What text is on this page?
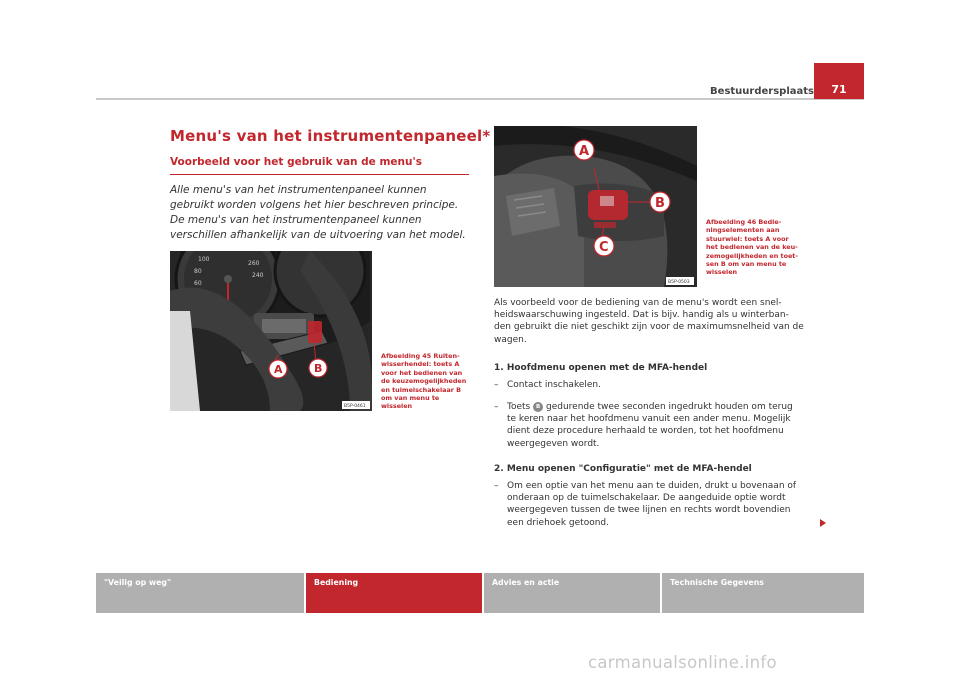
Bestuurdersplaats	71
Menu's van het instrumentenpaneel*
Voorbeeld voor het gebruik van de menu's
Alle menu's van het instrumentenpaneel kunnen gebruikt worden volgens het hier beschreven principe. De menu's van het instrumentenpaneel kunnen verschillen afhankelijk van de uitvoering van het model.
100
80
60
260
240
A	B
B5P-0461
Afbeelding 45 Ruiten-wisserhendel: toets A voor het bedienen van de keuzemogelijkheden en tuimelschakelaar B om van menu te wisselen
A
B
C
B5P-0503
Afbeelding 46 Bedie-ningselementen aan stuurwiel: toets A voor het bedienen van de keu-zemogelijkheden en toet-sen B om van menu te wisselen
Als voorbeeld voor de bediening van de menu's wordt een snel-heidswaarschuwing ingesteld. Dat is bijv. handig als u winterban-den gebruikt die niet geschikt zijn voor de maximumsnelheid van de wagen.
1. Hoofdmenu openen met de MFA-hendel
– Contact inschakelen.
– Toets B gedurende twee seconden ingedrukt houden om terug te keren naar het hoofdmenu vanuit een ander menu. Mogelijk dient deze procedure herhaald te worden, tot het hoofdmenu weergegeven wordt.
2. Menu openen "Configuratie" met de MFA-hendel
– Om een optie van het menu aan te duiden, drukt u bovenaan of onderaan op de tuimelschakelaar. De aangeduide optie wordt weergegeven tussen de twee lijnen en rechts wordt bovendien een driehoek getoond.
"Veilig op weg"	Bediening	Advies en actie	Technische Gegevens
carmanualsonline.info
